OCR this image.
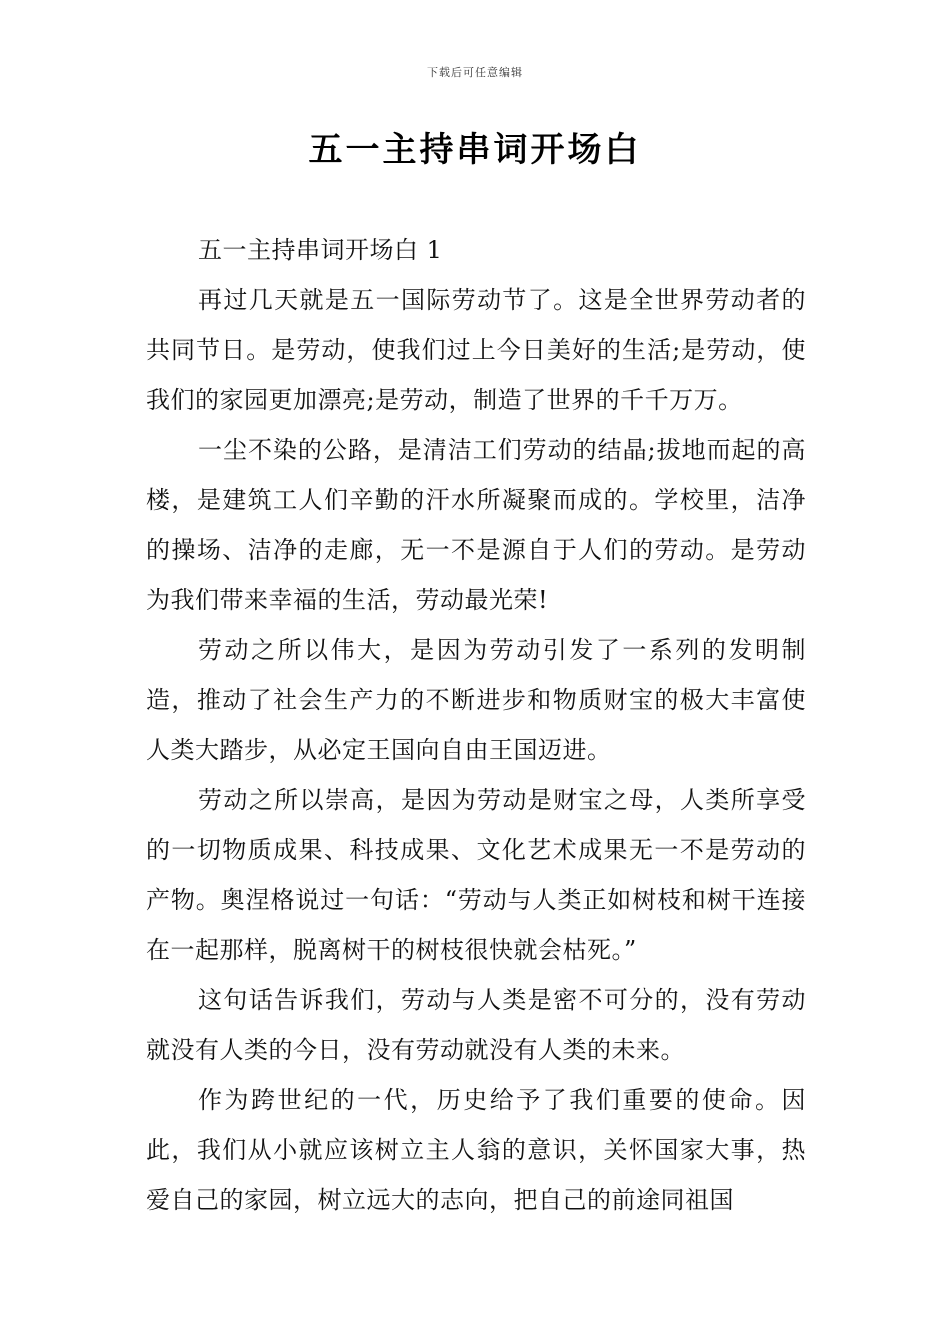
下载后可任意编辑
五一主持串词开场白

五一主持串词开场白 1

再过几天就是五一国际劳动节了。这是全世界劳动者的共同节日。是劳动，使我们过上今日美好的生活;是劳动，使我们的家园更加漂亮;是劳动，制造了世界的千千万万。

一尘不染的公路，是清洁工们劳动的结晶;拔地而起的高楼，是建筑工人们辛勤的汗水所凝聚而成的。学校里，洁净的操场、洁净的走廊，无一不是源自于人们的劳动。是劳动为我们带来幸福的生活，劳动最光荣!

劳动之所以伟大，是因为劳动引发了一系列的发明制造，推动了社会生产力的不断进步和物质财宝的极大丰富使人类大踏步，从必定王国向自由王国迈进。

劳动之所以崇高，是因为劳动是财宝之母，人类所享受的一切物质成果、科技成果、文化艺术成果无一不是劳动的产物。奥涅格说过一句话：“劳动与人类正如树枝和树干连接在一起那样，脱离树干的树枝很快就会枯死。”

这句话告诉我们，劳动与人类是密不可分的，没有劳动就没有人类的今日，没有劳动就没有人类的未来。

作为跨世纪的一代，历史给予了我们重要的使命。因此，我们从小就应该树立主人翁的意识，关怀国家大事，热爱自己的家园，树立远大的志向，把自己的前途同祖国
